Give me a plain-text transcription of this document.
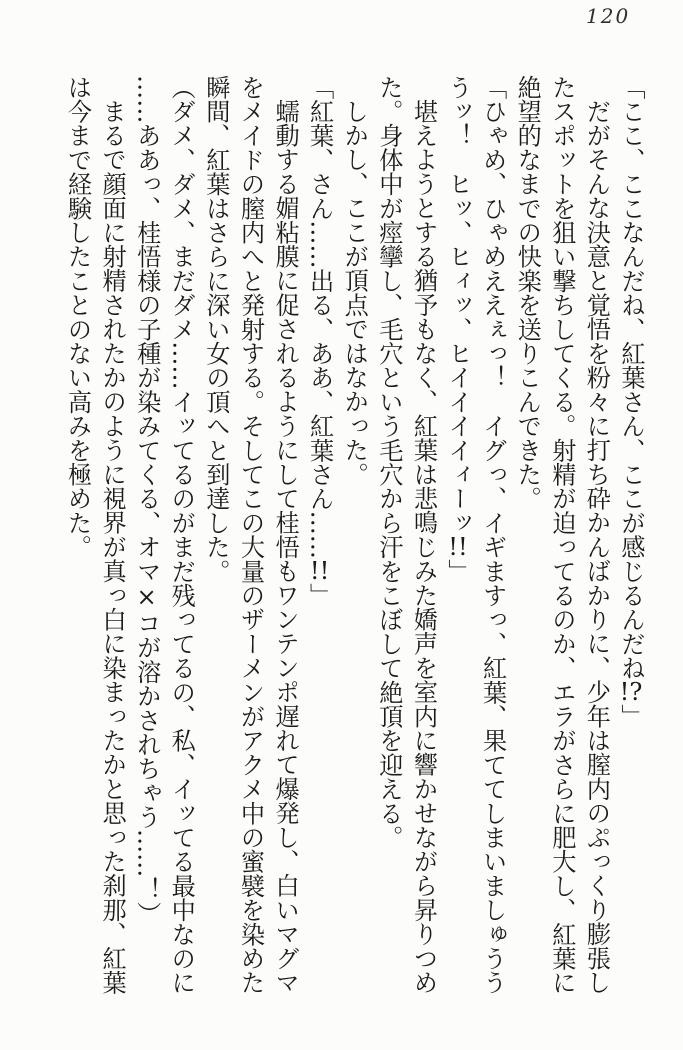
120
「ここ、ここなんだね、紅葉さん、ここが感じるんだね!?」
だがそんな決意と覚悟を粉々に打ち砕かんばかりに、少年は膣内のぷっくり膨張し
たスポットを狙い撃ちしてくる。射精が迫ってるのか、エラがさらに肥大し、紅葉に
絶望的なまでの快楽を送りこんできた。
「ひゃめ、ひゃめええぇっ！　イグっ、イギますっ、紅葉、果ててしまいましゅうう
うッ！　ヒッ、ヒィッ、ヒイイイイィーッ!!」
堪えようとする猶予もなく、紅葉は悲鳴じみた嬌声を室内に響かせながら昇りつめ
た。身体中が痙攣し、毛穴という毛穴から汗をこぼして絶頂を迎える。
しかし、ここが頂点ではなかった。
「紅葉、さん……出る、ああ、紅葉さん……!!」
蠕動する媚粘膜に促されるようにして桂悟もワンテンポ遅れて爆発し、白いマグマ
をメイドの膣内へと発射する。そしてこの大量のザーメンがアクメ中の蜜襞を染めた
瞬間、紅葉はさらに深い女の頂へと到達した。
（ダメ、ダメ、まだダメ……イッてるのがまだ残ってるの、私、イッてる最中なのに
……ああっ、桂悟様の子種が染みてくる、オマ×コが溶かされちゃう……！）
まるで顔面に射精されたかのように視界が真っ白に染まったかと思った刹那、紅葉
は今まで経験したことのない高みを極めた。
